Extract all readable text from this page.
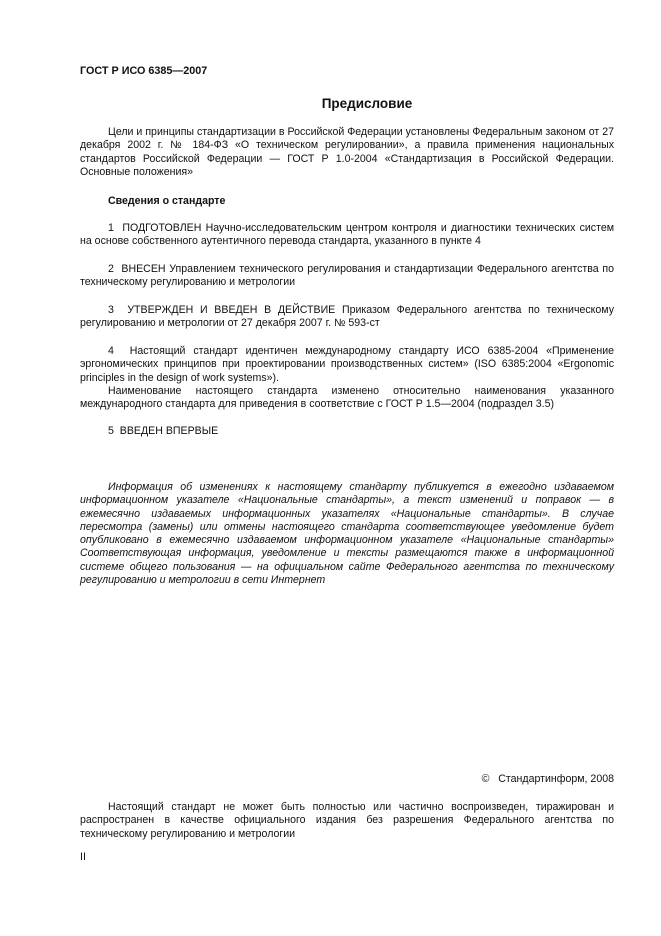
ГОСТ Р ИСО 6385—2007
Предисловие

Цели и принципы стандартизации в Российской Федерации установлены Федеральным законом от 27 декабря 2002 г. № 184-ФЗ «О техническом регулировании», а правила применения национальных стандартов Российской Федерации — ГОСТ Р 1.0-2004 «Стандартизация в Российской Федерации. Основные положения»

Сведения о стандарте

1 ПОДГОТОВЛЕН Научно-исследовательским центром контроля и диагностики технических систем на основе собственного аутентичного перевода стандарта, указанного в пункте 4

2 ВНЕСЕН Управлением технического регулирования и стандартизации Федерального агентства по техническому регулированию и метрологии

3 УТВЕРЖДЕН И ВВЕДЕН В ДЕЙСТВИЕ Приказом Федерального агентства по техническому регулированию и метрологии от 27 декабря 2007 г. № 593-ст

4 Настоящий стандарт идентичен международному стандарту ИСО 6385-2004 «Применение эргономических принципов при проектировании производственных систем» (ISO 6385:2004 «Ergonomic principles in the design of work systems»).

Наименование настоящего стандарта изменено относительно наименования указанного международного стандарта для приведения в соответствие с ГОСТ Р 1.5—2004 (подраздел 3.5)

5 ВВЕДЕН ВПЕРВЫЕ

Информация об изменениях к настоящему стандарту публикуется в ежегодно издаваемом информационном указателе «Национальные стандарты», а текст изменений и поправок — в ежемесячно издаваемых информационных указателях «Национальные стандарты». В случае пересмотра (замены) или отмены настоящего стандарта соответствующее уведомление будет опубликовано в ежемесячно издаваемом информационном указателе «Национальные стандарты» Соответствующая информация, уведомление и тексты размещаются также в информационной системе общего пользования — на официальном сайте Федерального агентства по техническому регулированию и метрологии в сети Интернет

©   Стандартинформ, 2008

Настоящий стандарт не может быть полностью или частично воспроизведен, тиражирован и распространен в качестве официального издания без разрешения Федерального агентства по техническому регулированию и метрологии

II
